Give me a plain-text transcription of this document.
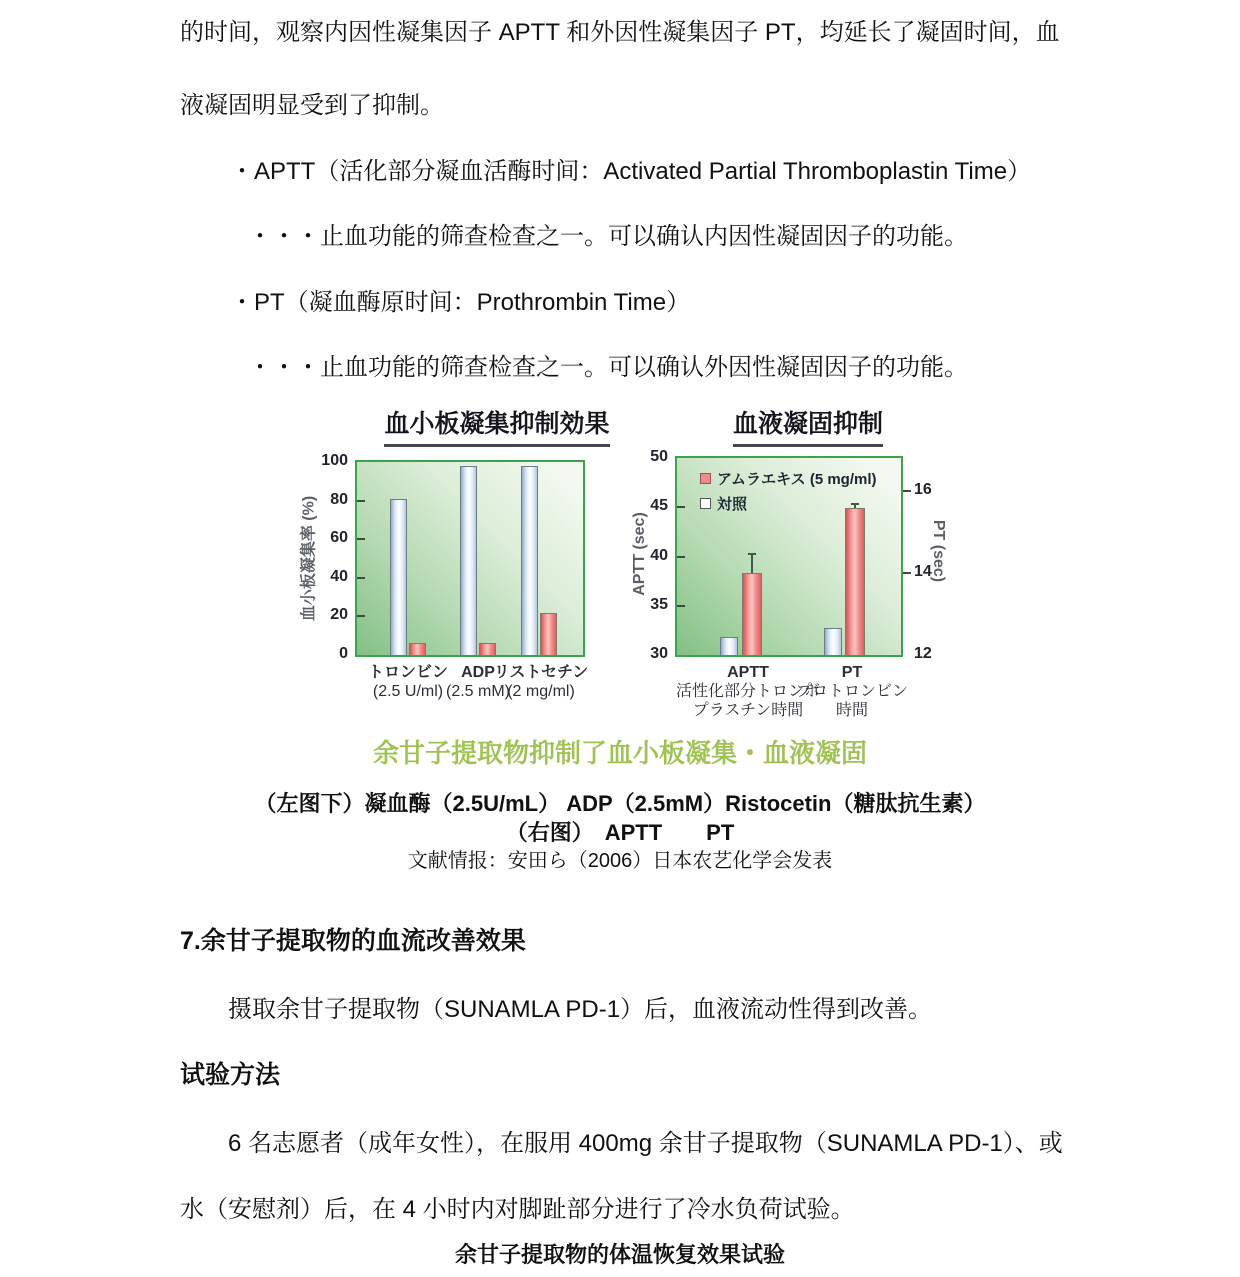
的时间，观察内因性凝集因子 APTT 和外因性凝集因子 PT，均延长了凝固时间，血
液凝固明显受到了抑制。
・APTT（活化部分凝血活酶时间：Activated Partial Thromboplastin Time）
・・・止血功能的筛查检查之一。可以确认内因性凝固因子的功能。
・PT（凝血酶原时间：Prothrombin Time）
・・・止血功能的筛查检查之一。可以确认外因性凝固因子的功能。
血小板凝集抑制効果
血小板凝集率 (%)
血液凝固抑制
APTT (sec)	PT (sec)
アムラエキス (5 mg/ml)
対照
余甘子提取物抑制了血小板凝集・血液凝固
（左图下）凝血酶（2.5U/mL） ADP（2.5mM）Ristocetin（糖肽抗生素）
（右图）　APTT　　PT
文献情报：安田ら（2006）日本农艺化学会发表
7.余甘子提取物的血流改善效果
摄取余甘子提取物（SUNAMLA PD-1）后，血液流动性得到改善。
试验方法
6 名志愿者（成年女性），在服用 400mg 余甘子提取物（SUNAMLA PD-1）、或
水（安慰剂）后，在 4 小时内对脚趾部分进行了冷水负荷试验。
余甘子提取物的体温恢复效果试验
0
20
40
60
80
100
トロンビン
(2.5 U/ml)
ADP
(2.5 mM)
リストセチン
(2 mg/ml)
30
35
40
45
50
12
14
16
APTT
活性化部分トロンボ
プラスチン時間
PT
プロトロンビン
時間
